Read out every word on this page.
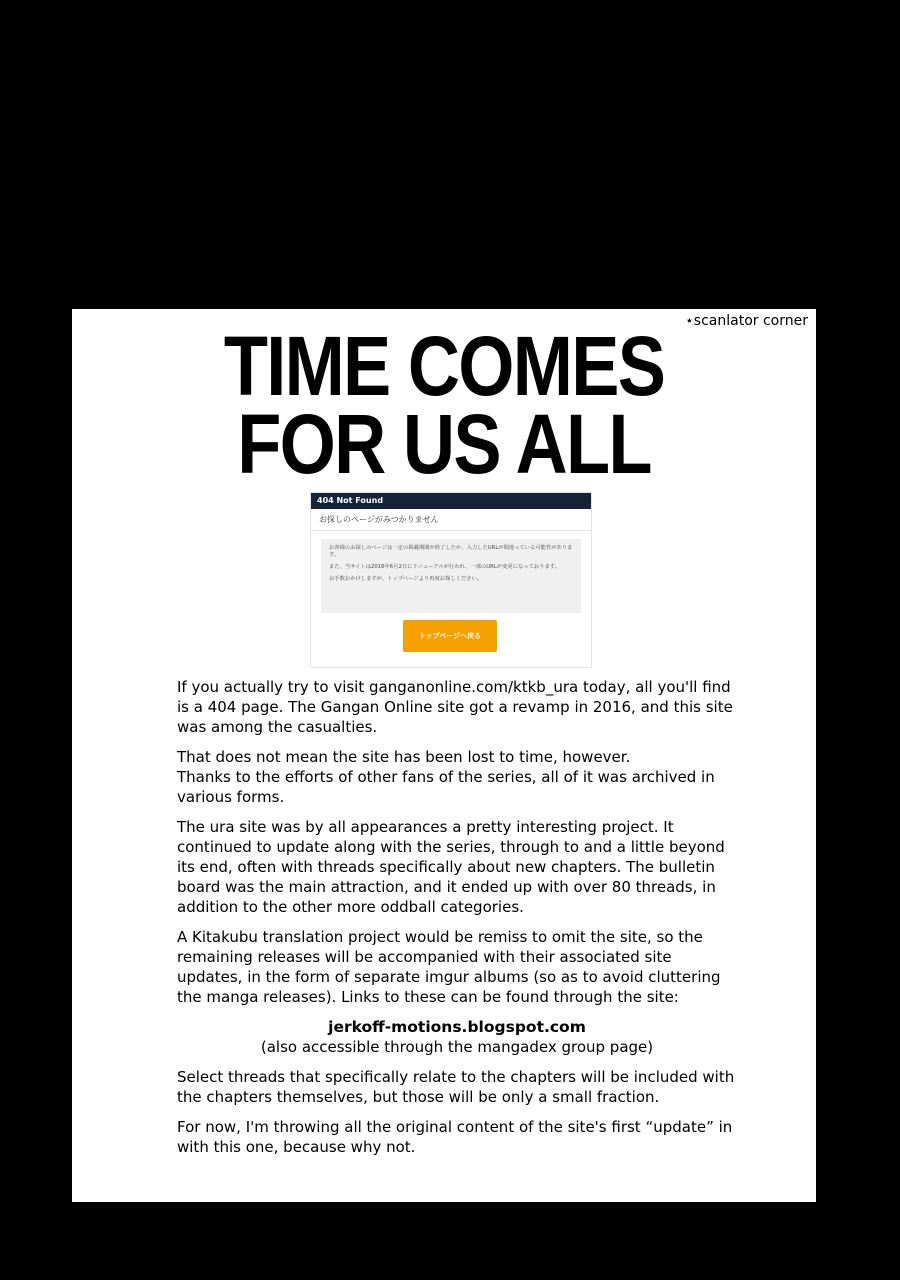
⋆scanlator corner
TIME COMES
FOR US ALL
404 Not Found
お探しのページがみつかりません

お客様のお探しのページは一定の掲載期間が終了したか、入力したURLが間違っている可能性があります。

また、当サイトは2016年6月2日にリニューアルが行われ、一部のURLが変更になっております。

お手数おかけしますが、トップページより再度お探しください。

トップページへ戻る

If you actually try to visit ganganonline.com/ktkb_ura today, all you'll find is a 404 page. The Gangan Online site got a revamp in 2016, and this site was among the casualties.

That does not mean the site has been lost to time, however.
Thanks to the efforts of other fans of the series, all of it was archived in various forms.

The ura site was by all appearances a pretty interesting project. It continued to update along with the series, through to and a little beyond its end, often with threads specifically about new chapters. The bulletin board was the main attraction, and it ended up with over 80 threads, in addition to the other more oddball categories.

A Kitakubu translation project would be remiss to omit the site, so the remaining releases will be accompanied with their associated site updates, in the form of separate imgur albums (so as to avoid cluttering the manga releases). Links to these can be found through the site:

jerkoff-motions.blogspot.com
(also accessible through the mangadex group page)

Select threads that specifically relate to the chapters will be included with the chapters themselves, but those will be only a small fraction.

For now, I'm throwing all the original content of the site's first “update” in with this one, because why not.
